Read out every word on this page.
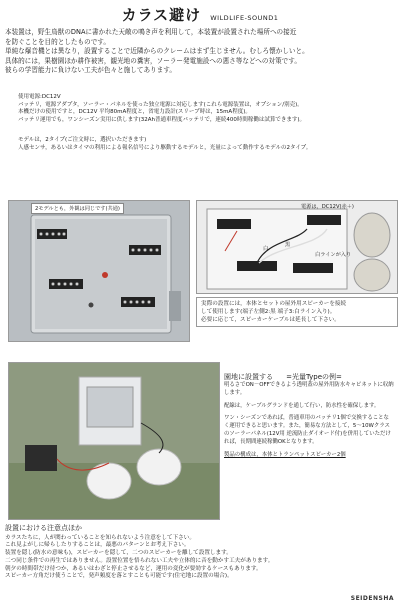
カラス避け WILDLIFE-SOUND1
本装置は，野生鳥獣のDNAに書かれた天敵の鳴き声を利用して，本装置が設置された場所への接近
を防ぐことを目的としたものです。
単純な爆音機とは異なり，設置することで近隣からのクレームはまず生じません。むしろ懐かしいと。
具体的には，果樹園ほか耕作被害，観光地の糞害，ソーラー発電施設への悪さ等などへの対策です。
彼らの学習能力に負けない工夫が色々と施してあります。
使用電源:DC12V
バッテリ，電源アダプタ，ソーラー・パネルを使った独立電源に対応します(これら電源装置は，オプション/別売)。
本機だけの使用ですと，DC12V 平均80mA程度と，省電力設計(スリープ時は，15mA程度)。
バッテリ運用でも，ワンシーズン実用に供します(32Ah普通車程度バッテリで，連続400時間稼働は試算できます)。
モデルは，2タイプ(ご注文時に，選択いただきます)
人感センサ，あるいはタイマの利用による報名信号により駆動するモデルと，光量によって動作するモデルの2タイプ。
2モデルとも，外観は同じです(共通)	電源は，DC12V(赤＋)
白ラインが入り
黒
白
実際の設置には，本体とセットの屋外用スピーカーを接続
して使用します(端子左側2:黒 端子3:白ライン入り)。
必要に応じて，スピーカーケーブルは延長して下さい。
園地に設置する =光量Typeの例=

明るさでON－OFFできるよう透明蓋の屋外用防水キャビネットに収納します。

配線は，ケーブルグランドを通して行い，防水性を確保します。

ワン・シーズンであれば，普通車用のバッテリ1個で交換することなく運用できると思います。また，簡易な方法として，5～10Wクラスのソーラーパネル(12V用 逆流防止ダイオード付)を併用していただければ，長期間連続稼働OKとなります。

製品の構成は，本体とトランペットスピーカー2個

設置における注意点ほか
カラスたちに，人が関わっていることを知られないよう注意をして下さい。
これ見よがしに帰らしたりすることは，最悪のパターンとお考え下さい。
装置を隠し(防水の意味も)，スピーカーを隠して，二つのスピーカーを離して設置します。
二つ同じ条件での再生ではありません。設置位置を悟られない工夫や立体的に音を動かす工夫があります。
朝夕の時間帯だけ待つか，あるいはわざと停止させるなど，運用の変化が要効するケースもあります。
スピーカー方角だけ使うことで，発声頻度を落とすことも可能です(住宅地に設置の場合)。
SEIDENSHA
